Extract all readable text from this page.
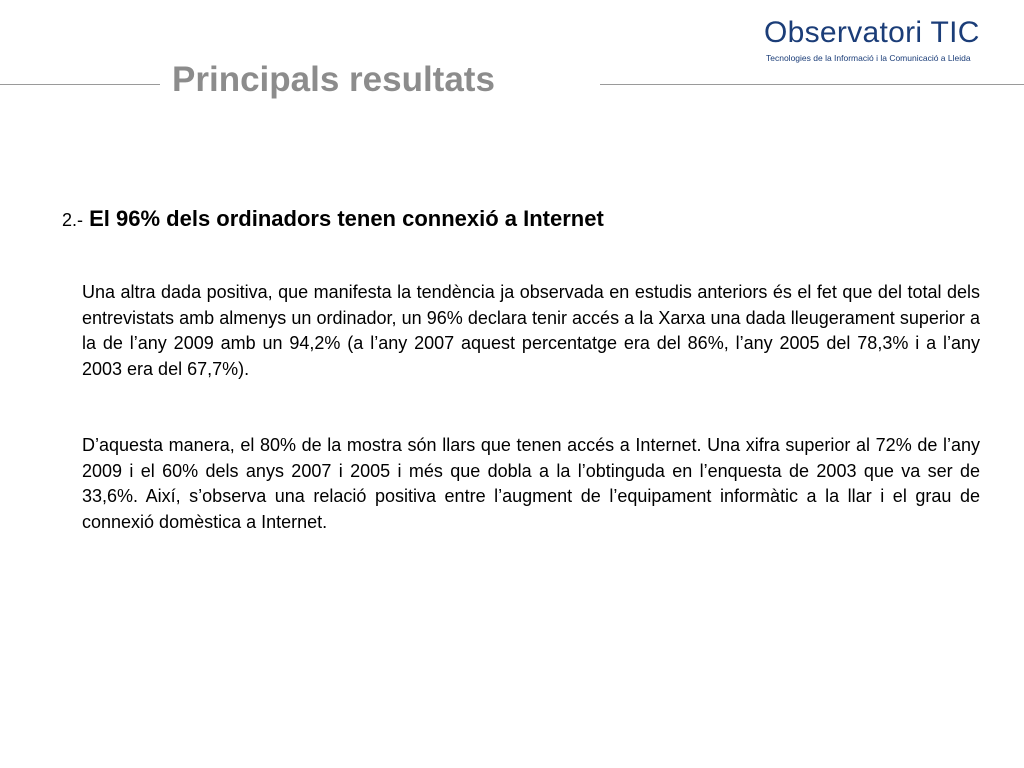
Principals resultats
Observatori TIC
Tecnologies de la Informació i la Comunicació a Lleida
2.- El 96% dels ordinadors tenen connexió a Internet

Una altra dada positiva, que manifesta la tendència ja observada en estudis anteriors és el fet que del total dels entrevistats amb almenys un ordinador, un 96% declara tenir accés a la Xarxa una dada lleugerament superior a la de l’any 2009 amb un 94,2% (a l’any 2007 aquest percentatge era del 86%, l’any 2005 del 78,3% i a l’any 2003 era del 67,7%).

D’aquesta manera, el 80% de la mostra són llars que tenen accés a Internet. Una xifra superior al 72% de l’any 2009 i el 60% dels anys 2007 i 2005 i més que dobla a la l’obtinguda en l’enquesta de 2003 que va ser de 33,6%. Així, s’observa una relació positiva entre l’augment de l’equipament informàtic a la llar i el grau de connexió domèstica a Internet.
